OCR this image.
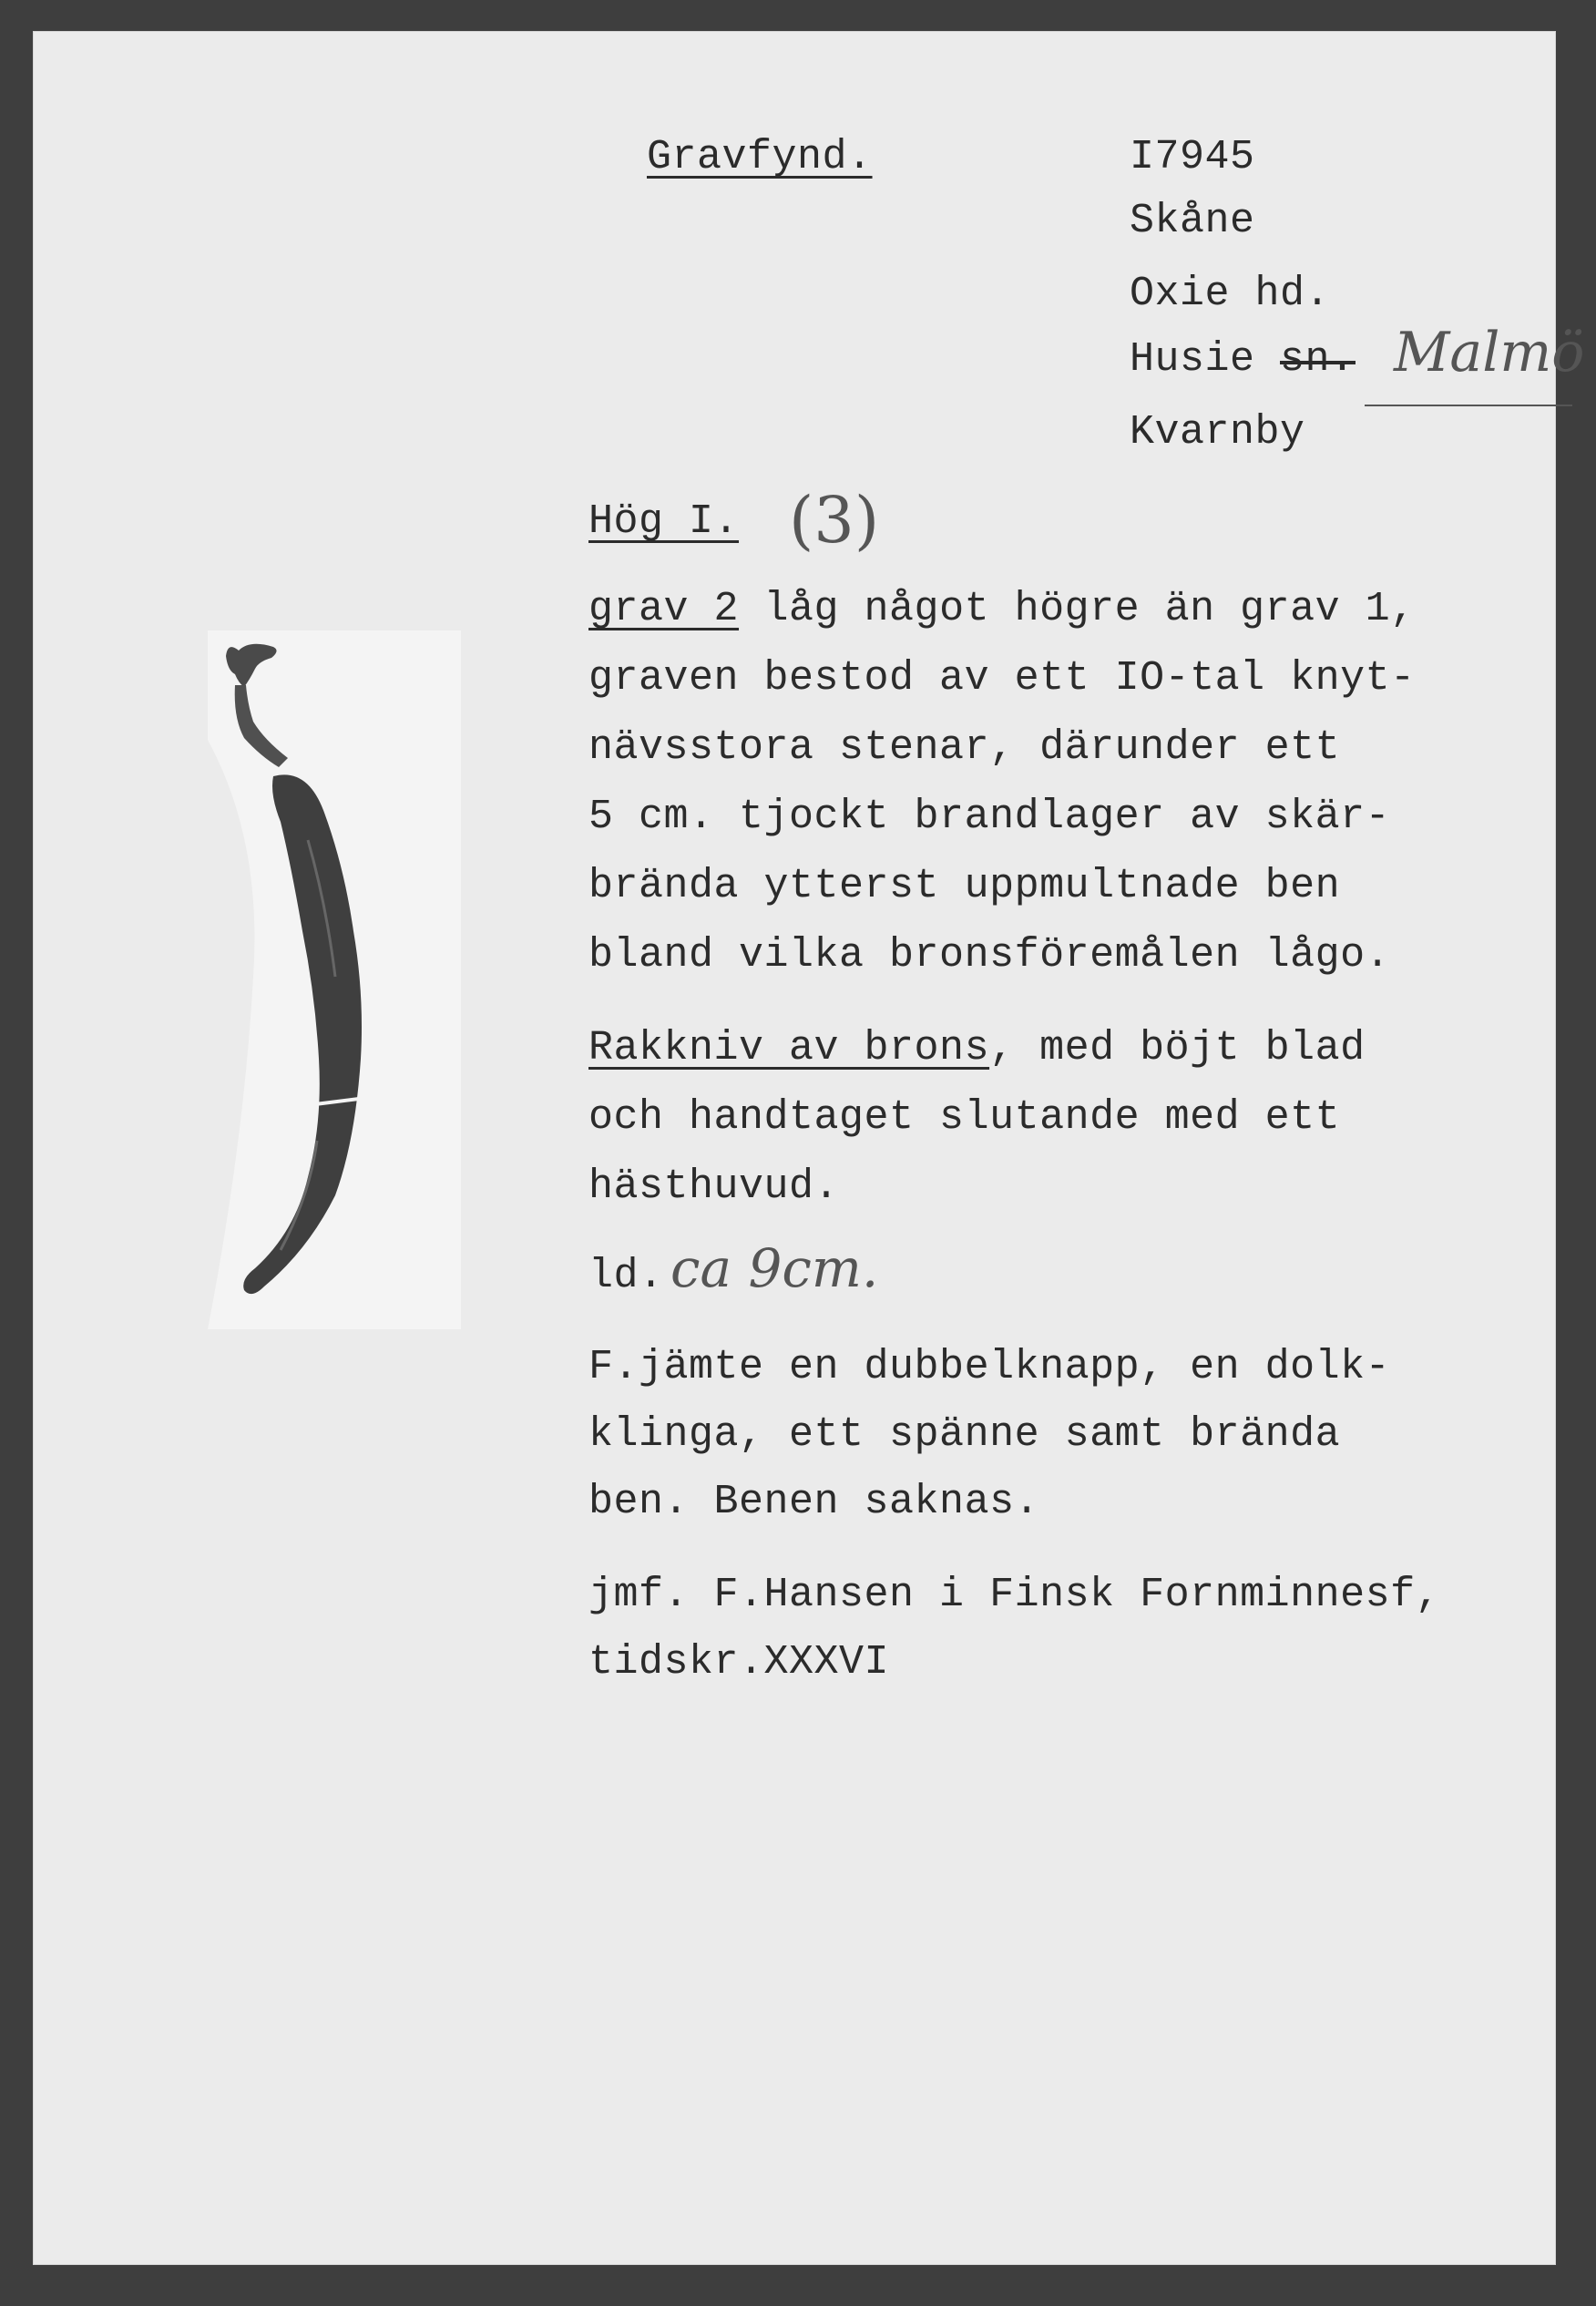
Gravfynd.	I7945
Skåne
Oxie hd.
Husie sn. Malmö
Kvarnby
Hög I. (3)
grav 2 låg något högre än grav 1,
graven bestod av ett IO-tal knyt-
nävsstora stenar, därunder ett
5 cm. tjockt brandlager av skär-
brända ytterst uppmultnade ben
bland vilka bronsföremålen lågo.
Rakkniv av brons, med böjt blad
och handtaget slutande med ett
hästhuvud.
ld. ca 9cm.
F.jämte en dubbelknapp, en dolk-
klinga, ett spänne samt brända
ben. Benen saknas.
jmf. F.Hansen i Finsk Fornminnesf,
tidskr.XXXVI
